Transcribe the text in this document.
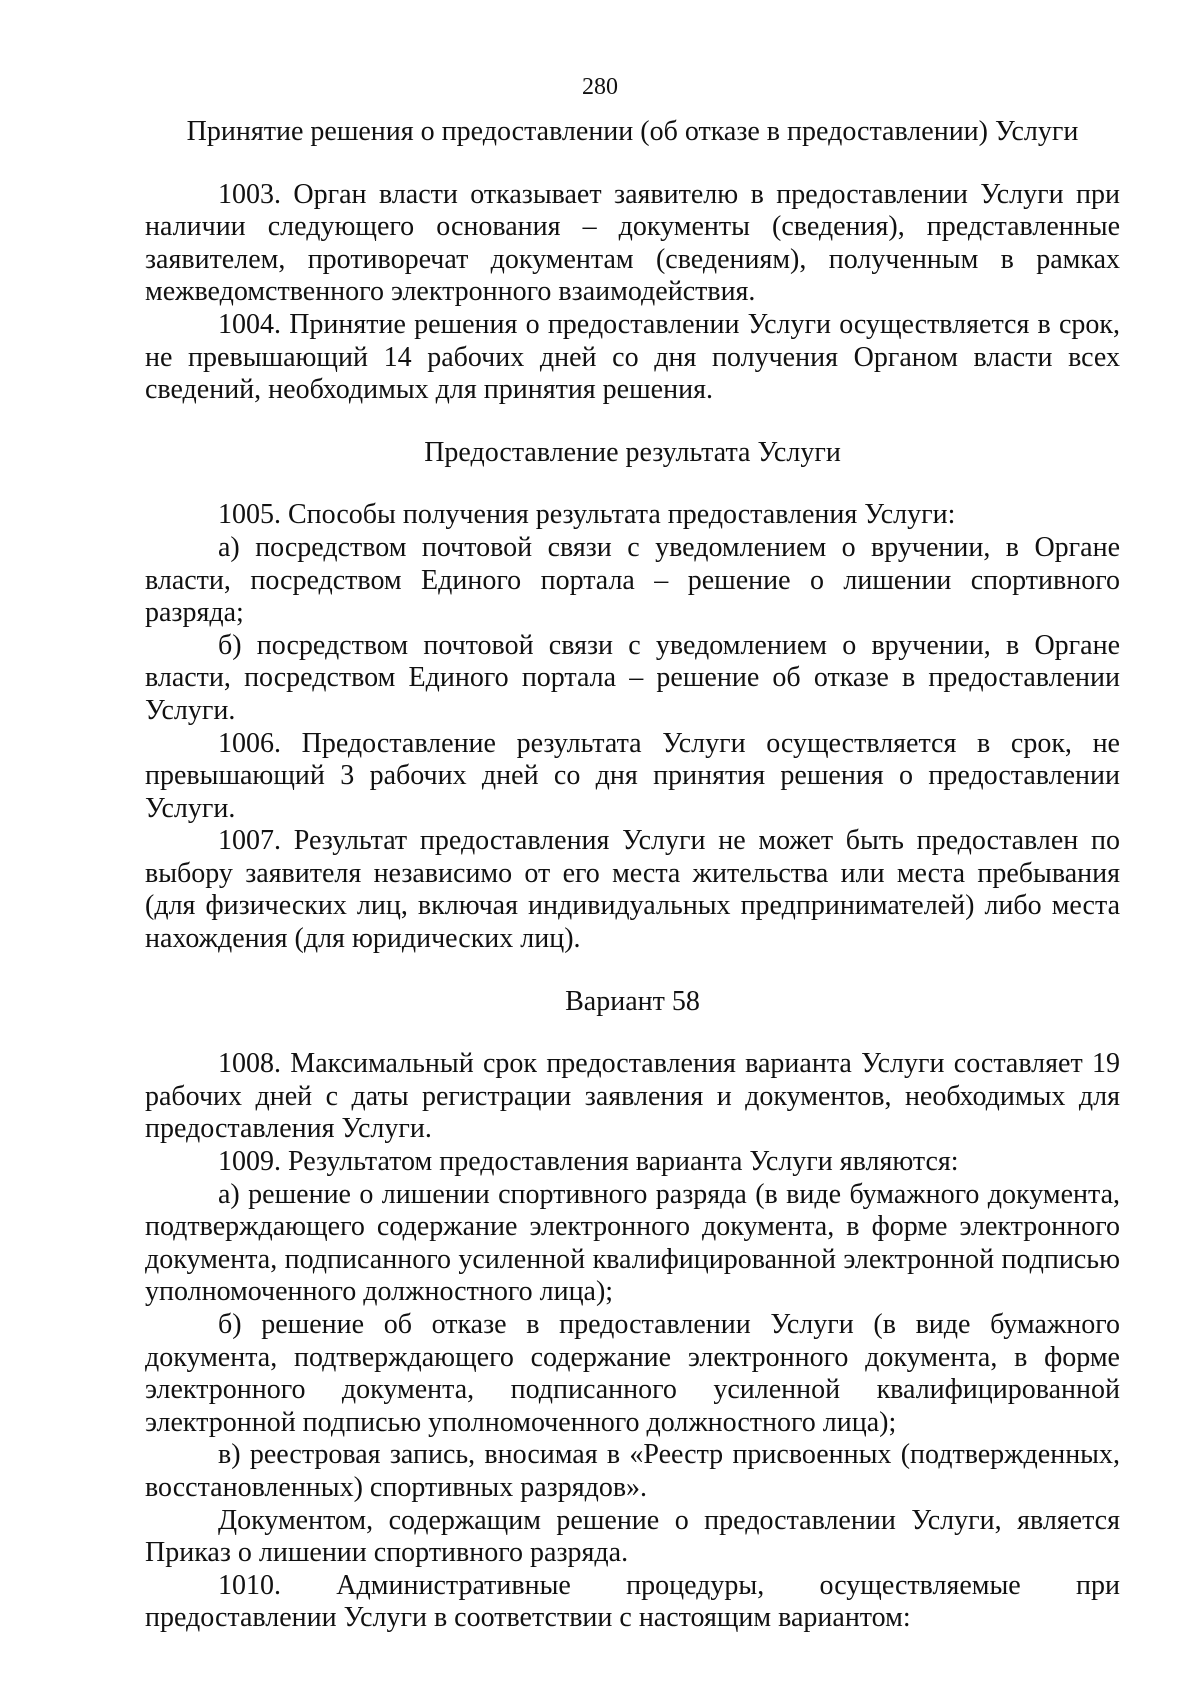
280

Принятие решения о предоставлении (об отказе в предоставлении) Услуги

1003. Орган власти отказывает заявителю в предоставлении Услуги при наличии следующего основания – документы (сведения), представленные заявителем, противоречат документам (сведениям), полученным в рамках межведомственного электронного взаимодействия.

1004. Принятие решения о предоставлении Услуги осуществляется в срок, не превышающий 14 рабочих дней со дня получения Органом власти всех сведений, необходимых для принятия решения.

Предоставление результата Услуги

1005. Способы получения результата предоставления Услуги:

а) посредством почтовой связи с уведомлением о вручении, в Органе власти, посредством Единого портала – решение о лишении спортивного разряда;

б) посредством почтовой связи с уведомлением о вручении, в Органе власти, посредством Единого портала – решение об отказе в предоставлении Услуги.

1006. Предоставление результата Услуги осуществляется в срок, не превышающий 3 рабочих дней со дня принятия решения о предоставлении Услуги.

1007. Результат предоставления Услуги не может быть предоставлен по выбору заявителя независимо от его места жительства или места пребывания (для физических лиц, включая индивидуальных предпринимателей) либо места нахождения (для юридических лиц).

Вариант 58

1008. Максимальный срок предоставления варианта Услуги составляет 19 рабочих дней с даты регистрации заявления и документов, необходимых для предоставления Услуги.

1009. Результатом предоставления варианта Услуги являются:

а) решение о лишении спортивного разряда (в виде бумажного документа, подтверждающего содержание электронного документа, в форме электронного документа, подписанного усиленной квалифицированной электронной подписью уполномоченного должностного лица);

б) решение об отказе в предоставлении Услуги (в виде бумажного документа, подтверждающего содержание электронного документа, в форме электронного документа, подписанного усиленной квалифицированной электронной подписью уполномоченного должностного лица);

в) реестровая запись, вносимая в «Реестр присвоенных (подтвержденных, восстановленных) спортивных разрядов».

Документом, содержащим решение о предоставлении Услуги, является Приказ о лишении спортивного разряда.

1010. Административные процедуры, осуществляемые при предоставлении Услуги в соответствии с настоящим вариантом:
